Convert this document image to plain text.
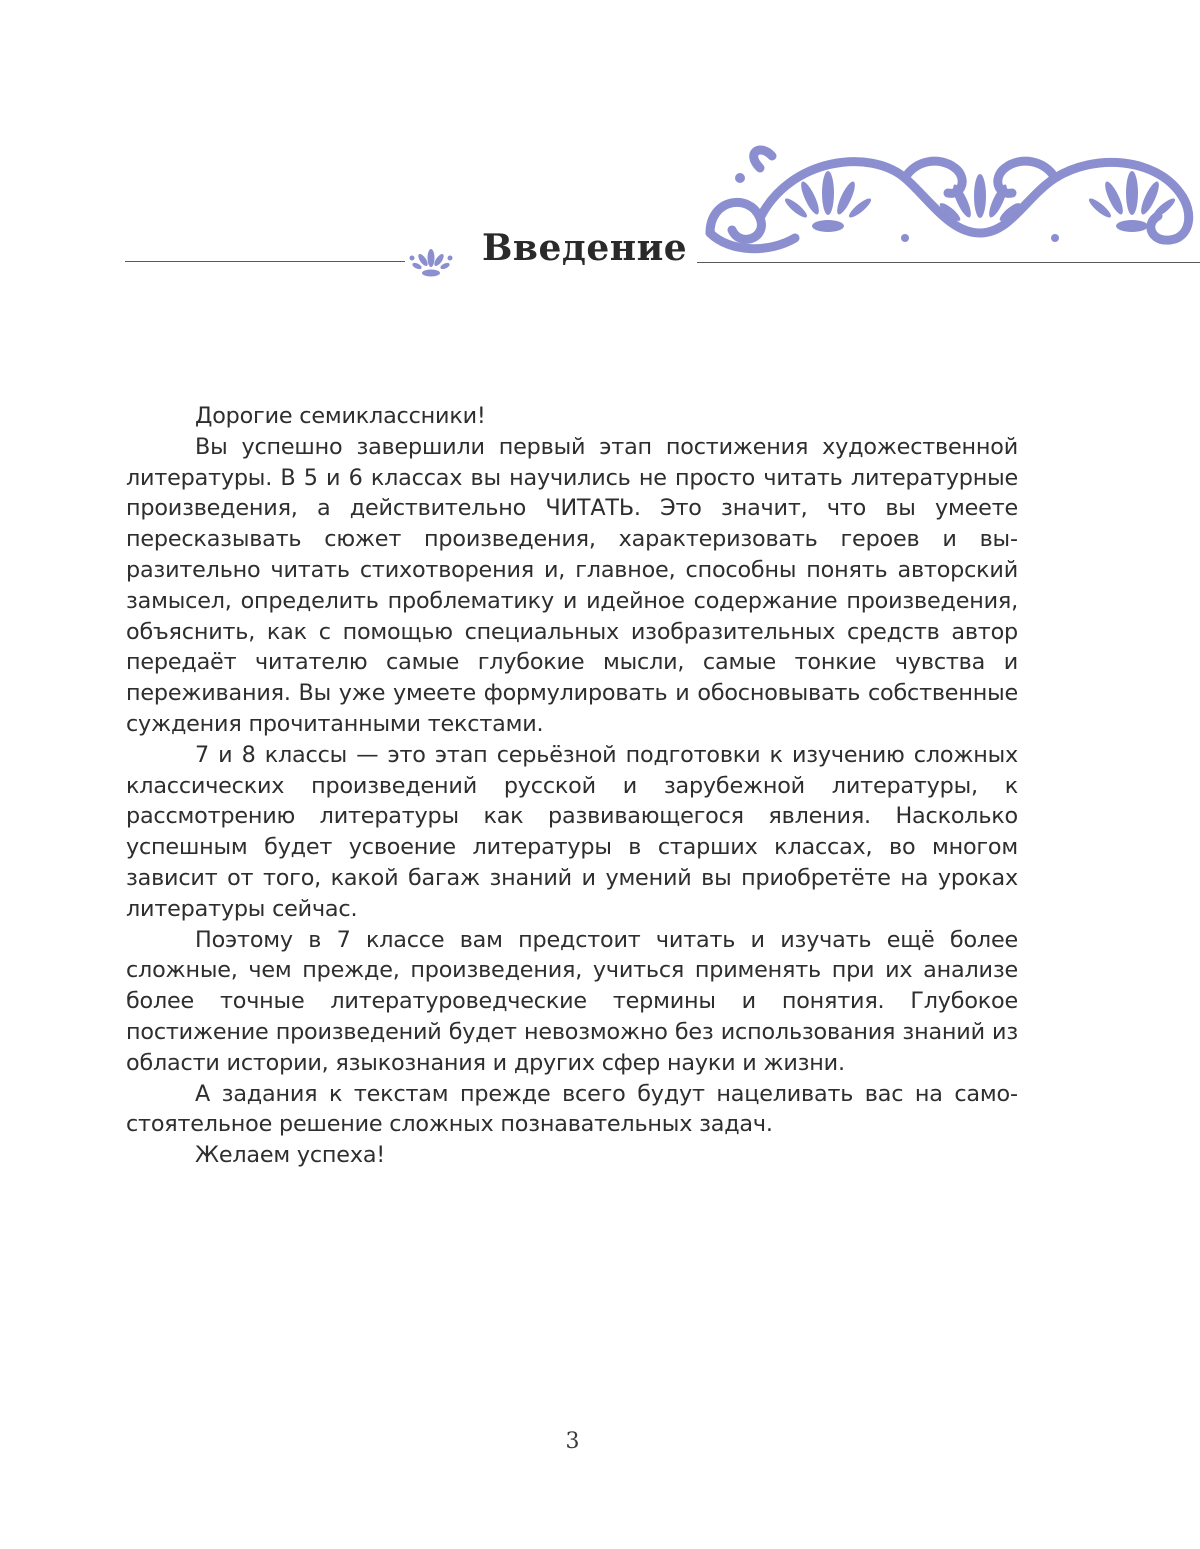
Введение

Дорогие семиклассники!

Вы успешно завершили первый этап постижения художественной литературы. В 5 и 6 классах вы научились не просто читать литературные произведения, а действительно ЧИТАТЬ. Это значит, что вы умеете пересказывать сюжет произведения, характеризовать героев и выразительно читать стихотворения и, главное, способны понять авторский замысел, определить проблематику и идейное содержание произведения, объяснить, как с помощью специальных изобразительных средств автор передаёт читателю самые глубокие мысли, самые тонкие чувства и переживания. Вы уже умеете формулировать и обосновывать собственные суждения прочитанными текстами.

7 и 8 классы — это этап серьёзной подготовки к изучению сложных классических произведений русской и зарубежной литературы, к рассмотрению литературы как развивающегося явления. Насколько успешным будет усвоение литературы в старших классах, во многом зависит от того, какой багаж знаний и умений вы приобретёте на уроках литературы сейчас.

Поэтому в 7 классе вам предстоит читать и изучать ещё более сложные, чем прежде, произведения, учиться применять при их анализе более точные литературоведческие термины и понятия. Глубокое постижение произведений будет невозможно без использования знаний из области истории, языкознания и других сфер науки и жизни.

А задания к текстам прежде всего будут нацеливать вас на самостоятельное решение сложных познавательных задач.

Желаем успеха!

3
